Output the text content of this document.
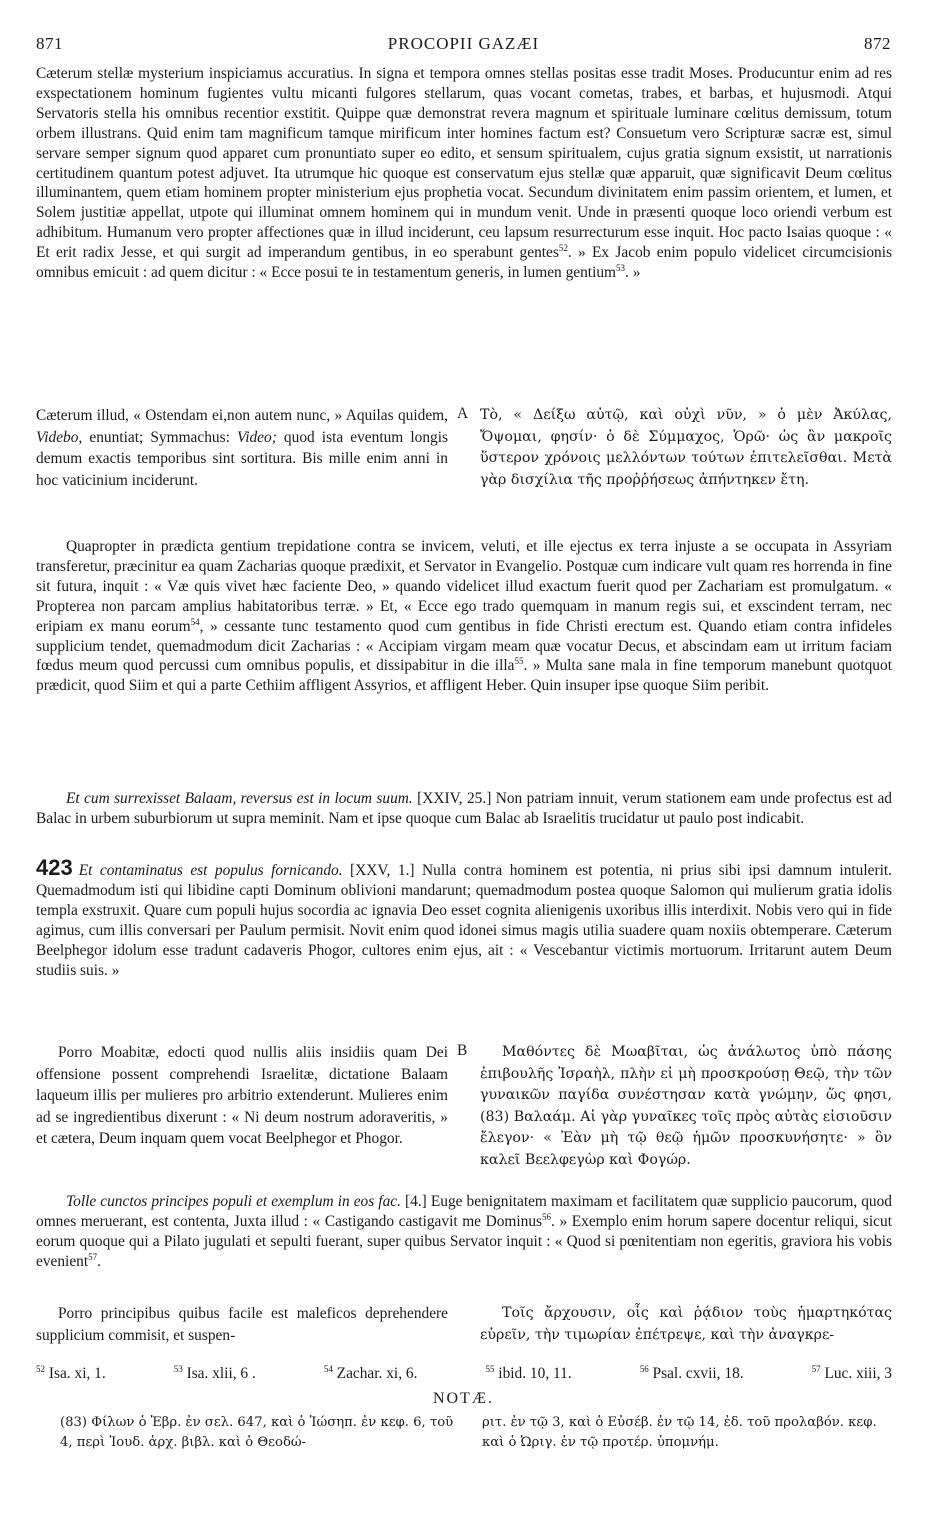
871	PROCOPII GAZÆI	872

Cæterum stellæ mysterium inspiciamus accuratius. In signa et tempora omnes stellas positas esse tradit Moses. Producuntur enim ad res exspectationem hominum fugientes vultu micanti fulgores stellarum, quas vocant cometas, trabes, et barbas, et hujusmodi. Atqui Servatoris stella his omnibus recentior exstitit. Quippe quæ demonstrat revera magnum et spirituale luminare cœlitus demissum, totum orbem illustrans. Quid enim tam magnificum tamque mirificum inter homines factum est? Consuetum vero Scripturæ sacræ est, simul servare semper signum quod apparet cum pronuntiato super eo edito, et sensum spiritualem, cujus gratia signum exsistit, ut narrationis certitudinem quantum potest adjuvet. Ita utrumque hic quoque est conservatum ejus stellæ quæ apparuit, quæ significavit Deum cœlitus illuminantem, quem etiam hominem propter ministerium ejus prophetia vocat. Secundum divinitatem enim passim orientem, et lumen, et Solem justitiæ appellat, utpote qui illuminat omnem hominem qui in mundum venit. Unde in præsenti quoque loco oriendi verbum est adhibitum. Humanum vero propter affectiones quæ in illud inciderunt, ceu lapsum resurrecturum esse inquit. Hoc pacto Isaias quoque : « Et erit radix Jesse, et qui surgit ad imperandum gentibus, in eo sperabunt gentes$^{52}$. » Ex Jacob enim populo videlicet circumcisionis omnibus emicuit : ad quem dicitur : « Ecce posui te in testamentum generis, in lumen gentium$^{53}$. »

Cæterum illud, « Ostendam ei,non autem nunc, » Aquilas quidem, Videbo, enuntiat; Symmachus: Video; quod ista eventum longis demum exactis temporibus sint sortitura. Bis mille enim anni in hoc vaticinium inciderunt.

A Τὸ, « Δείξω αὐτῷ, καὶ οὐχὶ νῦν, » ὁ μὲν Ἀκύλας, Ὄψομαι, φησίν· ὁ δὲ Σύμμαχος, Ὁρῶ· ὡς ἂν μακροῖς ὕστερον χρόνοις μελλόντων τούτων ἐπιτελεῖσθαι. Μετὰ γὰρ δισχίλια τῆς προῤῥήσεως ἀπήντηκεν ἔτη.

Quapropter in prædicta gentium trepidatione contra se invicem, veluti, et ille ejectus ex terra injuste a se occupata in Assyriam transferetur, præcinitur ea quam Zacharias quoque prædixit, et Servator in Evangelio. Postquæ cum indicare vult quam res horrenda in fine sit futura, inquit : « Væ quis vivet hæc faciente Deo, » quando videlicet illud exactum fuerit quod per Zachariam est promulgatum. « Propterea non parcam amplius habitatoribus terræ. » Et, « Ecce ego trado quemquam in manum regis sui, et exscindent terram, nec eripiam ex manu eorum$^{54}$, » cessante tunc testamento quod cum gentibus in fide Christi erectum est. Quando etiam contra infideles supplicium tendet, quemadmodum dicit Zacharias : « Accipiam virgam meam quæ vocatur Decus, et abscindam eam ut irritum faciam fœdus meum quod percussi cum omnibus populis, et dissipabitur in die illa$^{55}$. » Multa sane mala in fine temporum manebunt quotquot prædicit, quod Siim et qui a parte Cethiim affligent Assyrios, et affligent Heber. Quin insuper ipse quoque Siim peribit.

Et cum surrexisset Balaam, reversus est in locum suum. [XXIV, 25.] Non patriam innuit, verum stationem eam unde profectus est ad Balac in urbem suburbiorum ut supra meminit. Nam et ipse quoque cum Balac ab Israelitis trucidatur ut paulo post indicabit.

423 Et contaminatus est populus fornicando. [XXV, 1.] Nulla contra hominem est potentia, ni prius sibi ipsi damnum intulerit. Quemadmodum isti qui libidine capti Dominum oblivioni mandarunt; quemadmodum postea quoque Salomon qui mulierum gratia idolis templa exstruxit. Quare cum populi hujus socordia ac ignavia Deo esset cognita alienigenis uxoribus illis interdixit. Nobis vero qui in fide agimus, cum illis conversari per Paulum permisit. Novit enim quod idonei simus magis utilia suadere quam noxiis obtemperare. Cæterum Beelphegor idolum esse tradunt cadaveris Phogor, cultores enim ejus, ait : « Vescebantur victimis mortuorum. Irritarunt autem Deum studiis suis. »

Porro Moabitæ, edocti quod nullis aliis insidiis quam Dei offensione possent comprehendi Israelitæ, dictatione Balaam laqueum illis per mulieres pro arbitrio extenderunt. Mulieres enim ad se ingredientibus dixerunt : « Ni deum nostrum adoraveritis, » et cætera, Deum inquam quem vocat Beelphegor et Phogor.

B	Μαθόντες δὲ Μωαβῖται, ὡς ἀνάλωτος ὑπὸ πάσης ἐπιβουλῆς Ἰσραὴλ, πλὴν εἰ μὴ προσκρούσῃ Θεῷ, τὴν τῶν γυναικῶν παγίδα συνέστησαν κατὰ γνώμην, ὥς φησι, (83) Βαλαάμ. Αἱ γὰρ γυναῖκες τοῖς πρὸς αὐτὰς εἰσιοῦσιν ἔλεγον· « Ἐὰν μὴ τῷ θεῷ ἡμῶν προσκυνήσητε· » ὃν καλεῖ Βεελφεγὼρ καὶ Φογώρ.

Tolle cunctos principes populi et exemplum in eos fac. [4.] Euge benignitatem maximam et facilitatem quæ supplicio paucorum, quod omnes meruerant, est contenta, Juxta illud : « Castigando castigavit me Dominus$^{56}$. » Exemplo enim horum sapere docentur reliqui, sicut eorum quoque qui a Pilato jugulati et sepulti fuerant, super quibus Servator inquit : « Quod si pœnitentiam non egeritis, graviora his vobis evenient$^{57}$.

Porro principibus quibus facile est maleficos deprehendere supplicium commisit, et suspen-

Τοῖς ἄρχουσιν, οἷς καὶ ῥᾴδιον τοὺς ἡμαρτηκότας εὑρεῖν, τὴν τιμωρίαν ἐπέτρεψε, καὶ τὴν ἀναγκρε-

$^{52}$ Isa. xi, 1.	$^{53}$ Isa. xlii, 6 .	$^{54}$ Zachar. xi, 6.	$^{55}$ ibid. 10, 11.	$^{56}$ Psal. cxvii, 18.	$^{57}$ Luc. xiii, 3
NOTÆ.
(83) Φίλων ὁ Ἑβρ. ἐν σελ. 647, καὶ ὁ Ἰώσηπ. ἐν κεφ. 6, τοῦ 4, περὶ Ἰουδ. ἀρχ. βιβλ. καὶ ὁ Θεοδώ-
ριτ. ἐν τῷ 3, καὶ ὁ Εὐσέβ. ἐν τῷ 14, ἐδ. τοῦ προλαβόν. κεφ. καὶ ὁ Ὠριγ. ἐν τῷ προτέρ. ὑπομνήμ.
